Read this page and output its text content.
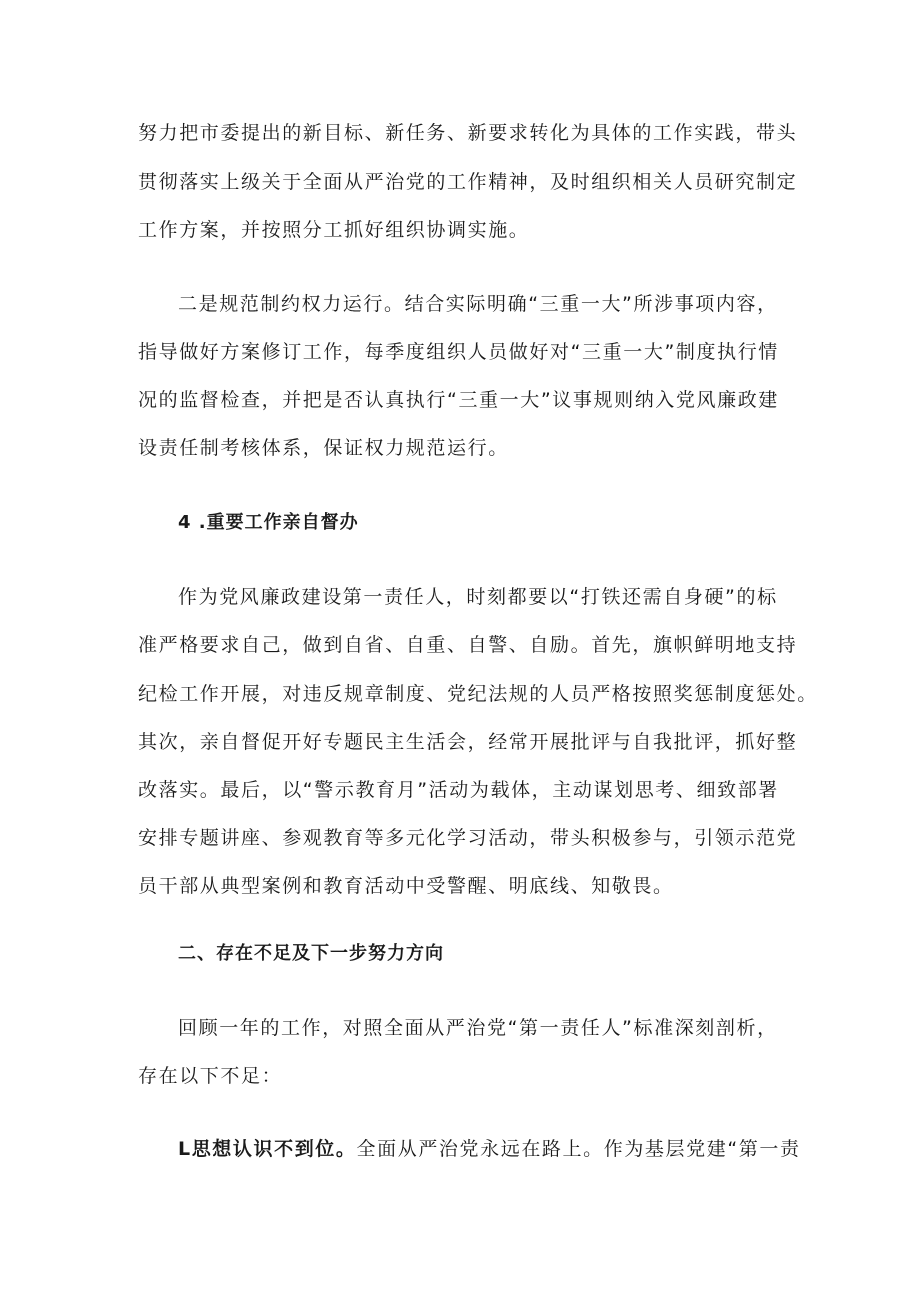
努力把市委提出的新目标、新任务、新要求转化为具体的工作实践，带头
贯彻落实上级关于全面从严治党的工作精神，及时组织相关人员研究制定
工作方案，并按照分工抓好组织协调实施。
二是规范制约权力运行。结合实际明确“三重一大”所涉事项内容，
指导做好方案修订工作，每季度组织人员做好对“三重一大”制度执行情
况的监督检查，并把是否认真执行“三重一大”议事规则纳入党风廉政建
设责任制考核体系，保证权力规范运行。
4 .重要工作亲自督办
作为党风廉政建设第一责任人，时刻都要以“打铁还需自身硬”的标
准严格要求自己，做到自省、自重、自警、自励。首先，旗帜鲜明地支持
纪检工作开展，对违反规章制度、党纪法规的人员严格按照奖惩制度惩处。
其次，亲自督促开好专题民主生活会，经常开展批评与自我批评，抓好整
改落实。最后，以“警示教育月”活动为载体，主动谋划思考、细致部署
安排专题讲座、参观教育等多元化学习活动，带头积极参与，引领示范党
员干部从典型案例和教育活动中受警醒、明底线、知敬畏。
二、存在不足及下一步努力方向
回顾一年的工作，对照全面从严治党“第一责任人”标准深刻剖析，
存在以下不足：
L思想认识不到位。全面从严治党永远在路上。作为基层党建“第一责
